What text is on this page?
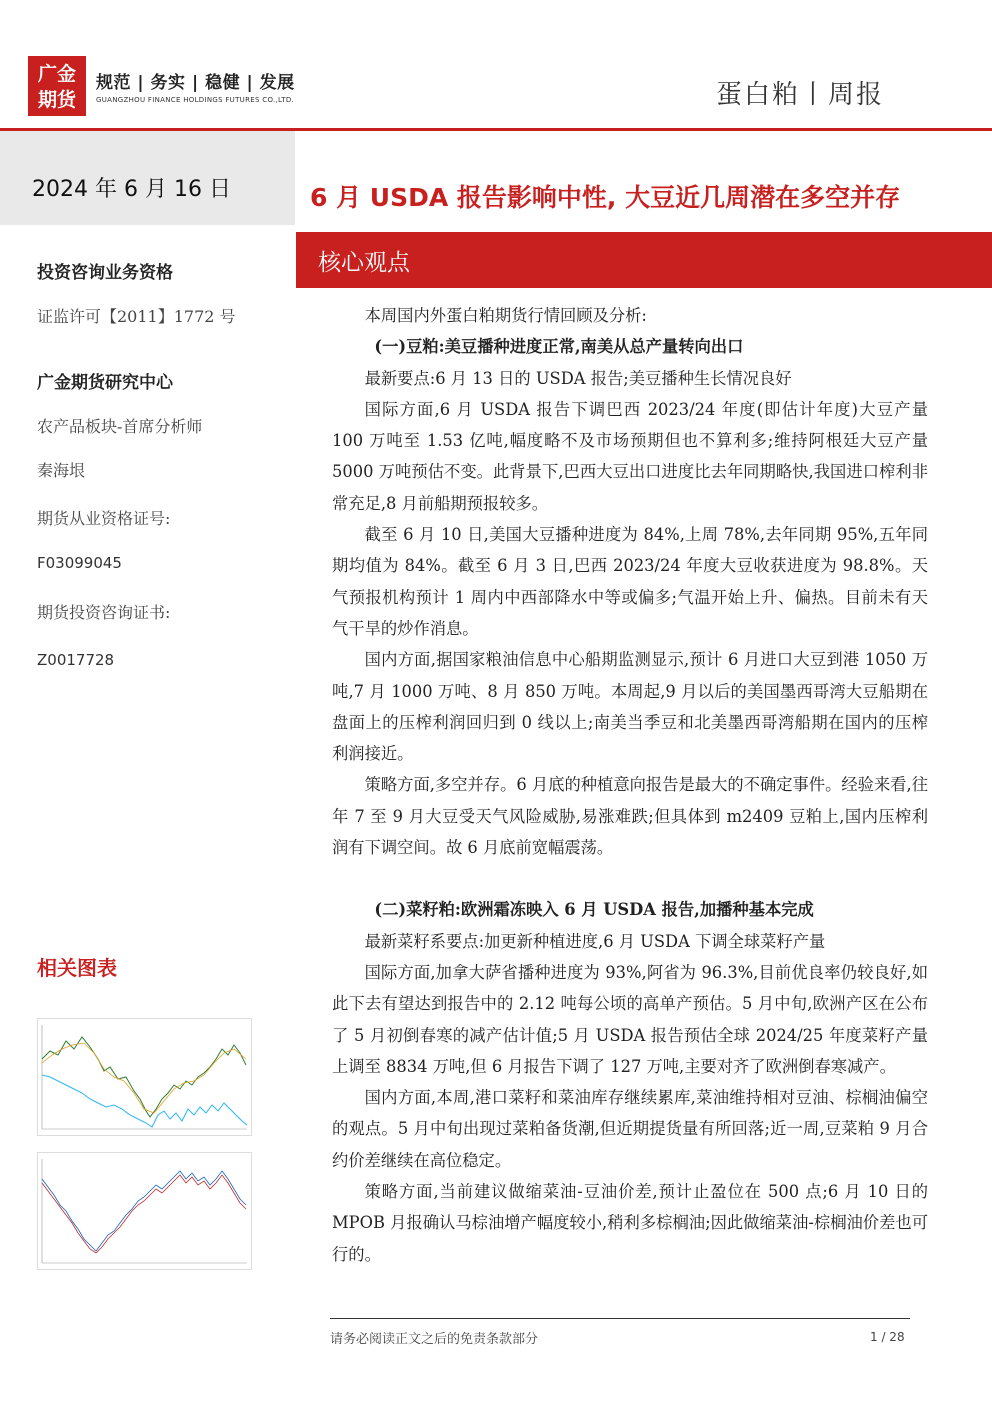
广金
期货
规范 | 务实 | 稳健 | 发展
GUANGZHOU FINANCE HOLDINGS FUTURES CO.,LTD.	蛋白粕丨周报
2024 年 6 月 16 日
投资咨询业务资格
证监许可【2011】1772 号
广金期货研究中心
农产品板块-首席分析师
秦海垠
期货从业资格证号:
F03099045
期货投资咨询证书:
Z0017728
相关图表
6 月 USDA 报告影响中性, 大豆近几周潜在多空并存
核心观点

本周国内外蛋白粕期货行情回顾及分析:

(一)豆粕:美豆播种进度正常,南美从总产量转向出口

最新要点:6 月 13 日的 USDA 报告;美豆播种生长情况良好

国际方面,6 月 USDA 报告下调巴西 2023/24 年度(即估计年度)大豆产量 100 万吨至 1.53 亿吨,幅度略不及市场预期但也不算利多;维持阿根廷大豆产量 5000 万吨预估不变。此背景下,巴西大豆出口进度比去年同期略快,我国进口榨利非常充足,8 月前船期预报较多。

截至 6 月 10 日,美国大豆播种进度为 84%,上周 78%,去年同期 95%,五年同期均值为 84%。截至 6 月 3 日,巴西 2023/24 年度大豆收获进度为 98.8%。天气预报机构预计 1 周内中西部降水中等或偏多;气温开始上升、偏热。目前未有天气干旱的炒作消息。

国内方面,据国家粮油信息中心船期监测显示,预计 6 月进口大豆到港 1050 万吨,7 月 1000 万吨、8 月 850 万吨。本周起,9 月以后的美国墨西哥湾大豆船期在盘面上的压榨利润回归到 0 线以上;南美当季豆和北美墨西哥湾船期在国内的压榨利润接近。

策略方面,多空并存。6 月底的种植意向报告是最大的不确定事件。经验来看,往年 7 至 9 月大豆受天气风险威胁,易涨难跌;但具体到 m2409 豆粕上,国内压榨利润有下调空间。故 6 月底前宽幅震荡。

(二)菜籽粕:欧洲霜冻映入 6 月 USDA 报告,加播种基本完成

最新菜籽系要点:加更新种植进度,6 月 USDA 下调全球菜籽产量

国际方面,加拿大萨省播种进度为 93%,阿省为 96.3%,目前优良率仍较良好,如此下去有望达到报告中的 2.12 吨每公顷的高单产预估。5 月中旬,欧洲产区在公布了 5 月初倒春寒的减产估计值;5 月 USDA 报告预估全球 2024/25 年度菜籽产量上调至 8834 万吨,但 6 月报告下调了 127 万吨,主要对齐了欧洲倒春寒减产。

国内方面,本周,港口菜籽和菜油库存继续累库,菜油维持相对豆油、棕榈油偏空的观点。5 月中旬出现过菜粕备货潮,但近期提货量有所回落;近一周,豆菜粕 9 月合约价差继续在高位稳定。

策略方面,当前建议做缩菜油-豆油价差,预计止盈位在 500 点;6 月 10 日的 MPOB 月报确认马棕油增产幅度较小,稍利多棕榈油;因此做缩菜油-棕榈油价差也可行的。

请务必阅读正文之后的免责条款部分	1 / 28
